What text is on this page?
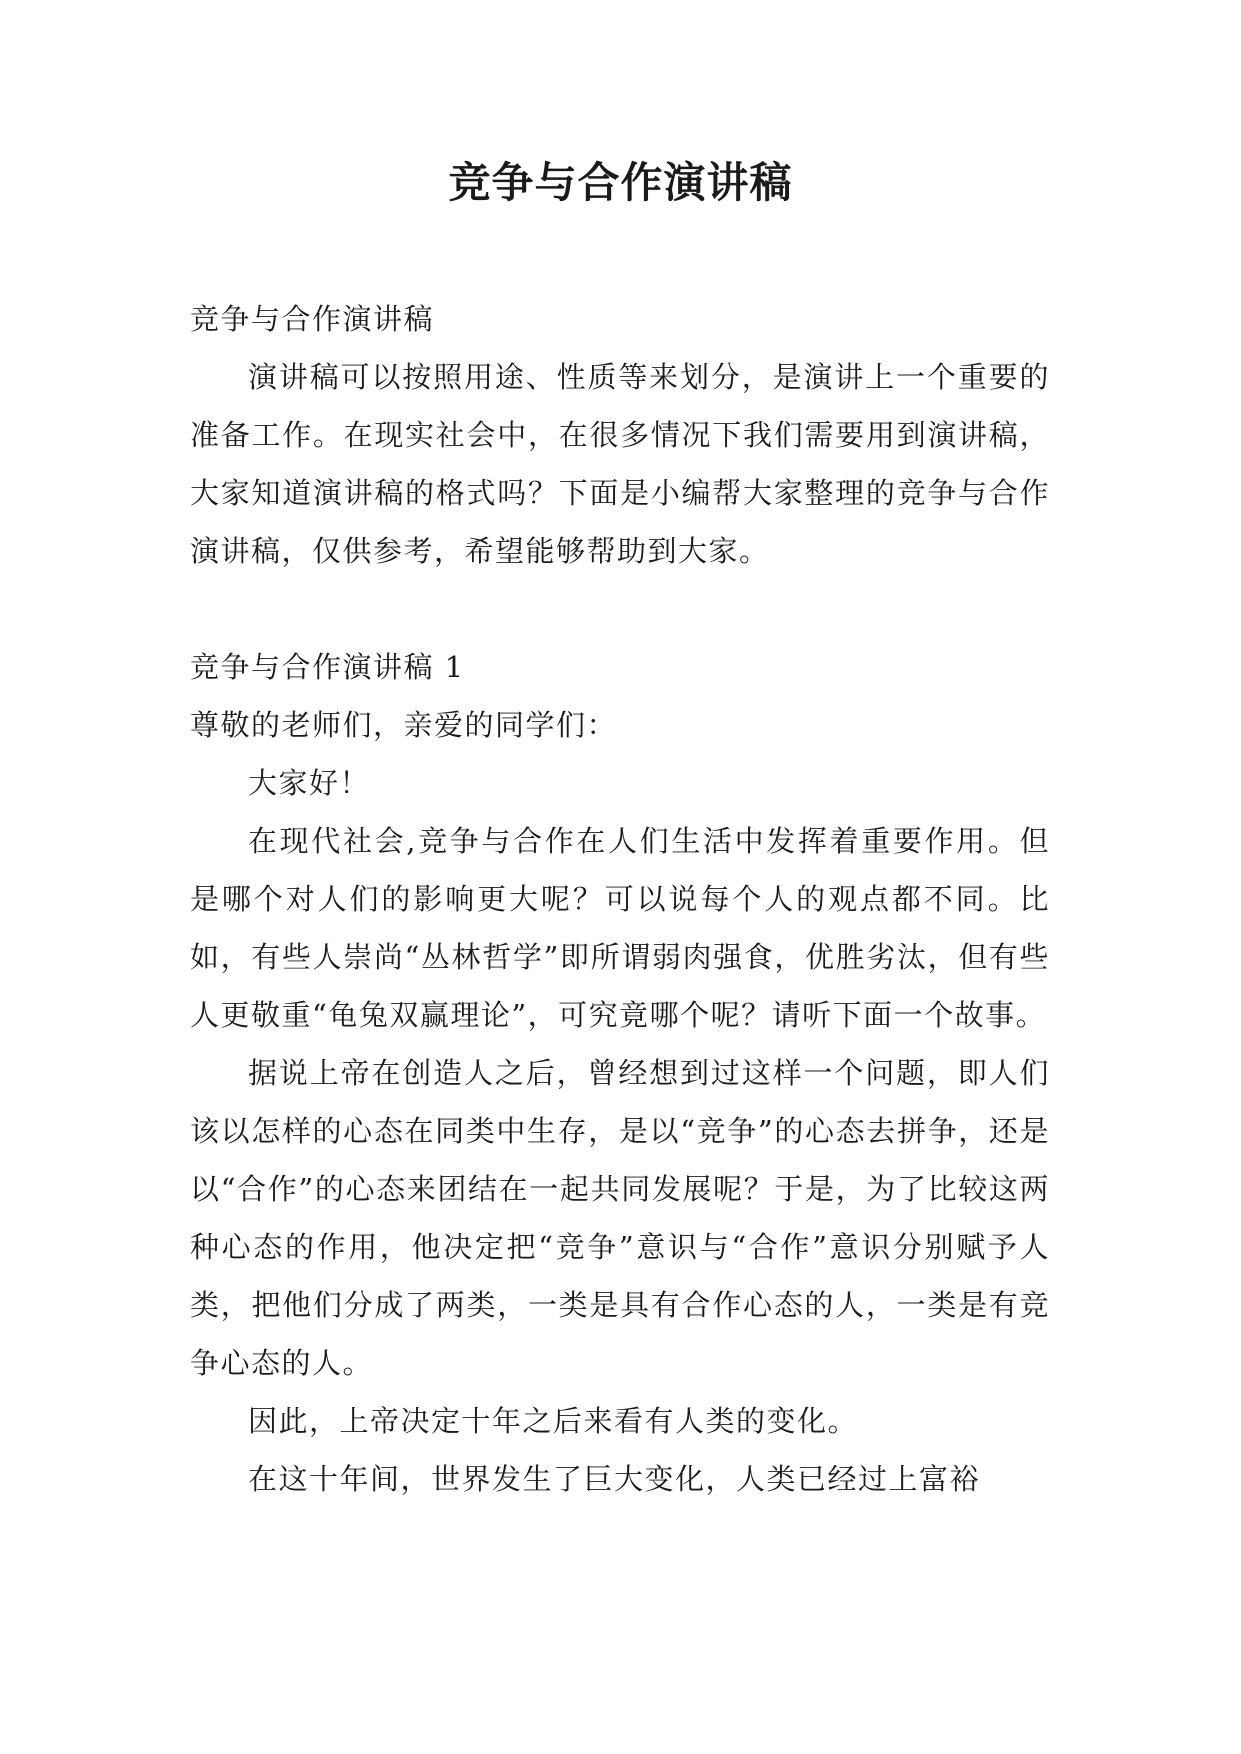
竞争与合作演讲稿

竞争与合作演讲稿

演讲稿可以按照用途、性质等来划分，是演讲上一个重要的准备工作。在现实社会中，在很多情况下我们需要用到演讲稿，大家知道演讲稿的格式吗？下面是小编帮大家整理的竞争与合作演讲稿，仅供参考，希望能够帮助到大家。

竞争与合作演讲稿 1

尊敬的老师们，亲爱的同学们：

大家好！

在现代社会,竞争与合作在人们生活中发挥着重要作用。但是哪个对人们的影响更大呢？可以说每个人的观点都不同。比如，有些人崇尚“丛林哲学”即所谓弱肉强食，优胜劣汰，但有些人更敬重“龟兔双赢理论”，可究竟哪个呢？请听下面一个故事。

据说上帝在创造人之后，曾经想到过这样一个问题，即人们该以怎样的心态在同类中生存，是以“竞争”的心态去拼争，还是以“合作”的心态来团结在一起共同发展呢？于是，为了比较这两种心态的作用，他决定把“竞争”意识与“合作”意识分别赋予人类，把他们分成了两类，一类是具有合作心态的人，一类是有竞争心态的人。

因此，上帝决定十年之后来看有人类的变化。

在这十年间，世界发生了巨大变化，人类已经过上富裕
